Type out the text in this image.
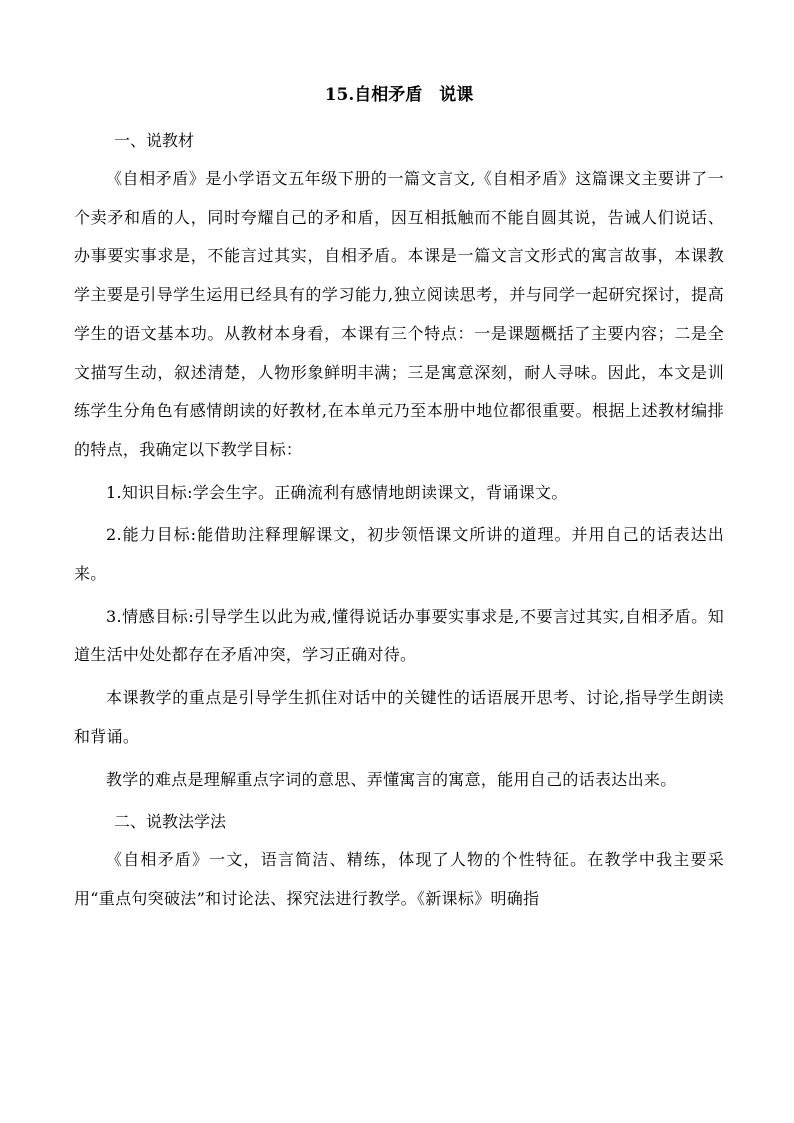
15.自相矛盾　说课

一、说教材

《自相矛盾》是小学语文五年级下册的一篇文言文,《自相矛盾》这篇课文主要讲了一个卖矛和盾的人，同时夸耀自己的矛和盾，因互相抵触而不能自圆其说，告诫人们说话、办事要实事求是，不能言过其实，自相矛盾。本课是一篇文言文形式的寓言故事，本课教学主要是引导学生运用已经具有的学习能力,独立阅读思考，并与同学一起研究探讨，提高学生的语文基本功。从教材本身看，本课有三个特点：一是课题概括了主要内容；二是全文描写生动，叙述清楚，人物形象鲜明丰满；三是寓意深刻，耐人寻味。因此，本文是训练学生分角色有感情朗读的好教材,在本单元乃至本册中地位都很重要。根据上述教材编排的特点，我确定以下教学目标：

1.知识目标:学会生字。正确流利有感情地朗读课文，背诵课文。

2.能力目标:能借助注释理解课文，初步领悟课文所讲的道理。并用自己的话表达出来。

3.情感目标:引导学生以此为戒,懂得说话办事要实事求是,不要言过其实,自相矛盾。知道生活中处处都存在矛盾冲突，学习正确对待。

本课教学的重点是引导学生抓住对话中的关键性的话语展开思考、讨论,指导学生朗读和背诵。

教学的难点是理解重点字词的意思、弄懂寓言的寓意，能用自己的话表达出来。

二、说教法学法

《自相矛盾》一文，语言简洁、精练，体现了人物的个性特征。在教学中我主要采用“重点句突破法”和讨论法、探究法进行教学。《新课标》明确指
